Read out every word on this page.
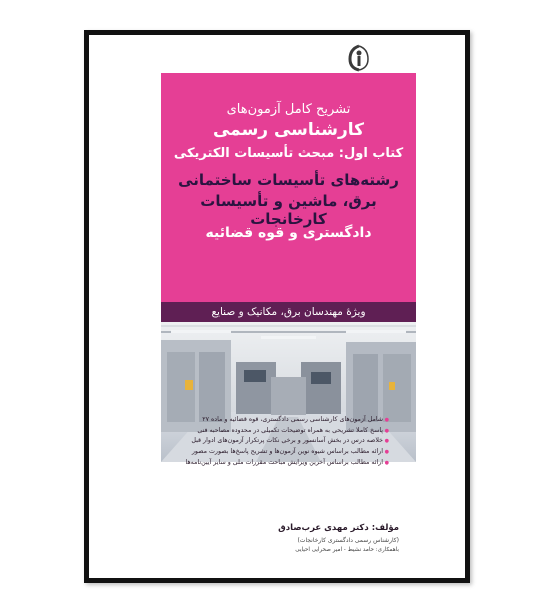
تشریح کامل آزمون‌های
کارشناسی رسمی
کتاب اول: مبحث تأسیسات الکتریکی
رشته‌های تأسیسات ساختمانی
برق، ماشین و تأسیسات کارخانجات
دادگستری و قوه قضائیه
ویژهٔ مهندسان برق، مکانیک و صنایع
● شامل آزمون‌های کارشناسی رسمی دادگستری، قوه قضائیه و ماده ۲۷
● پاسخ کاملا تشریحی به همراه توضیحات تکمیلی در محدوده مصاحبه فنی
● خلاصه درس در بخش آسانسور و برخی نکات پرتکرار آزمون‌های ادوار قبل
● ارائه مطالب براساس شیوه نوین آزمون‌ها و تشریح پاسخ‌ها بصورت مصور
● ارائه مطالب براساس آخرین ویرایش مباحث مقررات ملی و سایر آیین‌نامه‌ها
مؤلف: دکتر مهدی عرب‌صادق
(کارشناس رسمی دادگستری کارخانجات)
باهمکاری: حامد نشیط - امیر صحرایی احیایی
